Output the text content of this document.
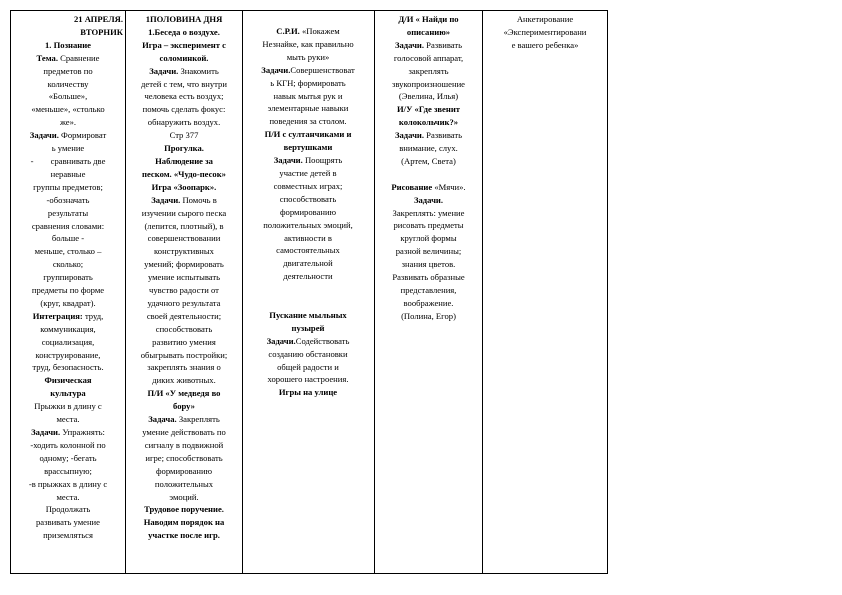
21 АПРЕЛЯ.

ВТОРНИК

1. Познание

Тема. Сравнение

предметов по

количеству

«Больше»,

«меньше», «столько

же».

Задачи. Формироват

ь умение

-        сравнивать две

неравные

группы предметов;

-обозначать

результаты

сравнения словами:

больше -

меньше, столько –

сколько;

группировать

предметы по форме

(круг, квадрат).

Интеграция: труд,

коммуникация,

социализация,

конструирование,

труд, безопасность.

Физическая

культура

Прыжки в длину с

места.

Задачи. Упражнять:

-ходить колонной по

одному; -бегать

врассыпную;

-в прыжках в длину с

места.

Продолжать

развивать умение

приземляться

1ПОЛОВИНА ДНЯ

1.Беседа о воздухе.

Игра – эксперимент с

соломинкой.

Задачи. Знакомить

детей с тем, что внутри

человека есть воздух;

помочь сделать фокус:

обнаружить воздух.

Стр 377

Прогулка.

Наблюдение за

песком. «Чудо-песок»

Игра «Зоопарк».

Задачи. Помочь в

изучении сырого песка

(лепится, плотный), в

совершенствовании

конструктивных

умений; формировать

умение испытывать

чувство радости от

удачного результата

своей деятельности;

способствовать

развитию умения

обыгрывать постройки;

закреплять знания о

диких животных.

П/И «У медведя во

бору»

Задача. Закреплять

умение действовать по

сигналу в подвижной

игре; способствовать

формированию

положительных

эмоций.

Трудовое поручение.

Наводим порядок на

участке после игр.

С.Р.И. «Покажем

Незнайке, как правильно

мыть руки»

Задачи.Совершенствоват

ь КГН; формировать

навык мытья рук и

элементарные навыки

поведения за столом.

П/И с султанчиками и

вертушками

Задачи. Поощрять

участие детей в

совместных играх;

способствовать

формированию

положительных эмоций,

активности в

самостоятельных

двигательной

деятельности

Пускание мыльных

пузырей

Задачи.Содействовать

созданию обстановки

общей радости и

хорошего настроения.

Игры на улице

Д/И « Найди по

описанию»

Задачи. Развивать

голосовой аппарат,

закреплять

звукопроизношение

(Эвелина, Илья)

И/У «Где звенит

колокольчик?»

Задачи. Развивать

внимание, слух.

(Артем, Света)

Рисование «Мячи».

Задачи.

Закреплять: умение

рисовать предметы

круглой формы

разной величины;

знания цветов.

Развивать образные

представления,

воображение.

(Полина, Егор)

Анкетирование

«Экспериментировани

е вашего ребенка»
